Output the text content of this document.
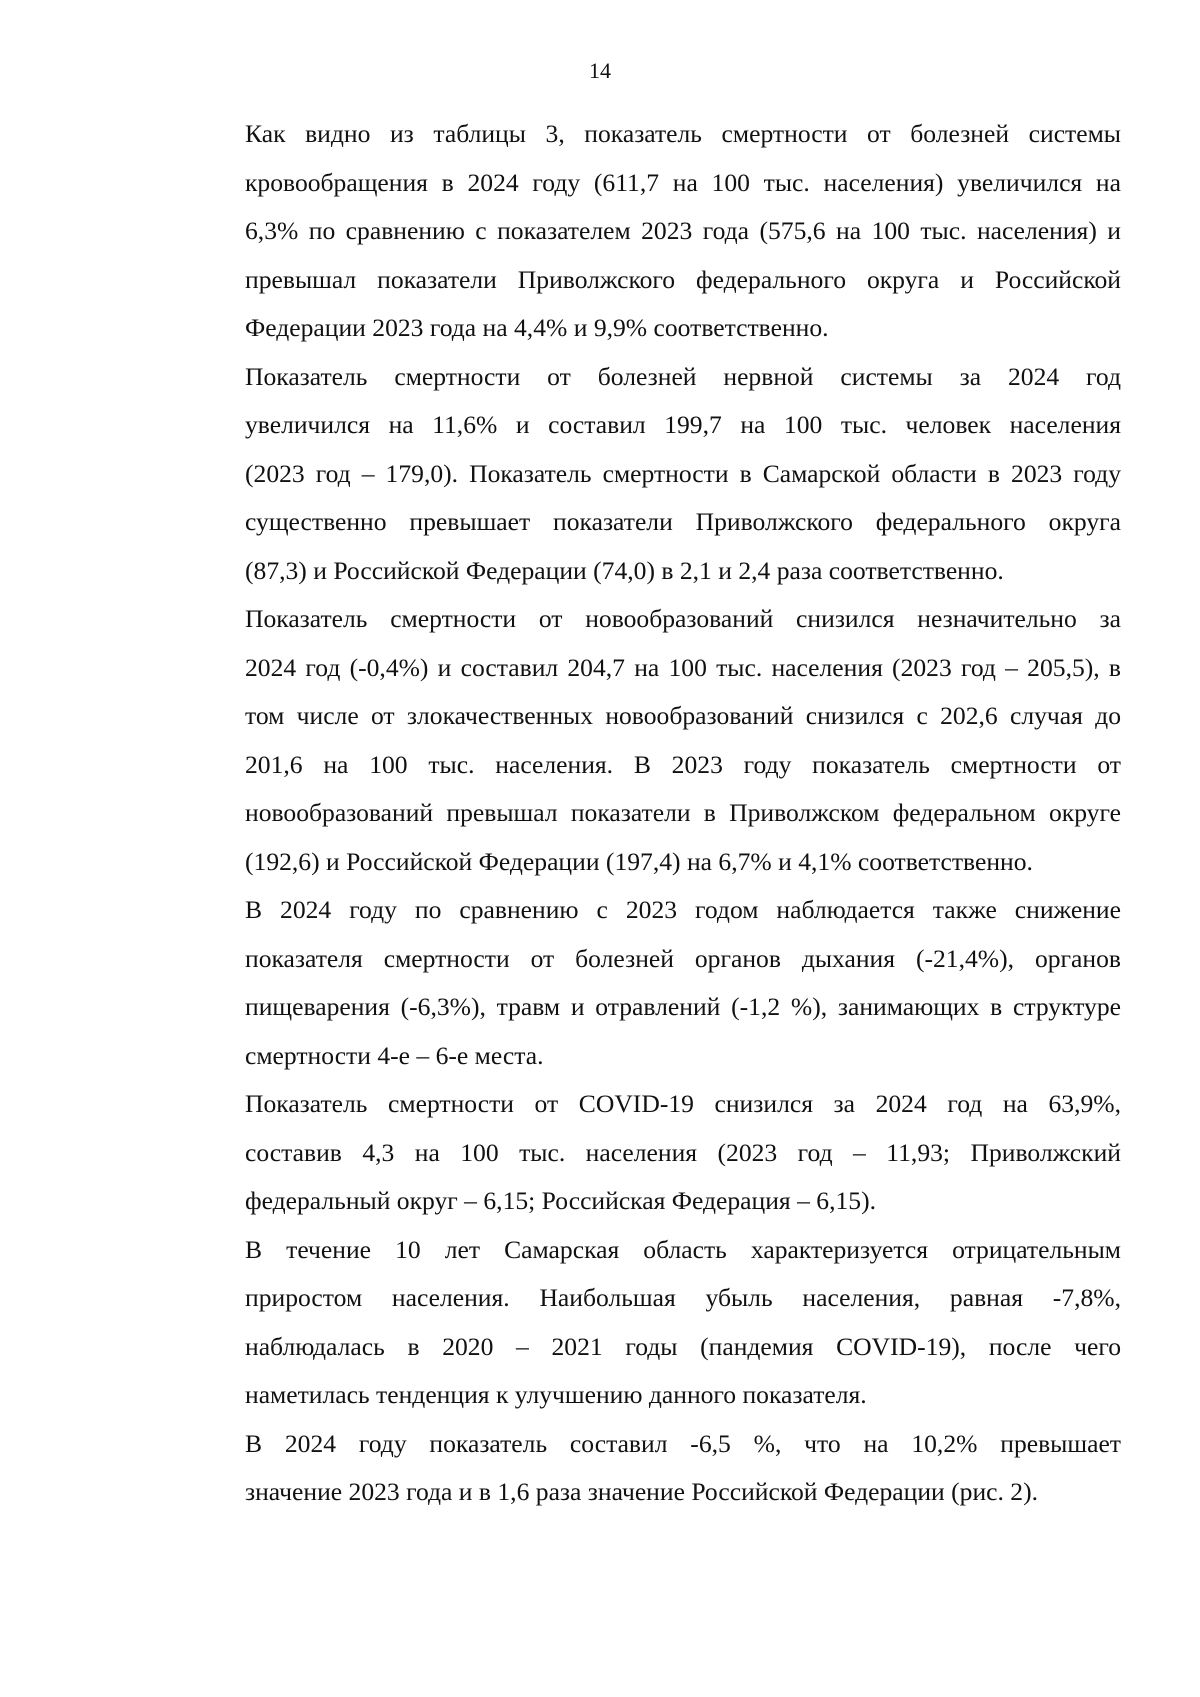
14

Как видно из таблицы 3, показатель смертности от болезней системы
кровообращения в 2024 году (611,7 на 100 тыс. населения) увеличился на
6,3% по сравнению с показателем 2023 года (575,6 на 100 тыс. населения) и
превышал показатели Приволжского федерального округа и Российской
Федерации 2023 года на 4,4% и 9,9% соответственно.

Показатель смертности от болезней нервной системы за 2024 год
увеличился на 11,6% и составил 199,7 на 100 тыс. человек населения
(2023 год – 179,0). Показатель смертности в Самарской области в 2023 году
существенно превышает показатели Приволжского федерального округа
(87,3) и Российской Федерации (74,0) в 2,1 и 2,4 раза соответственно.

Показатель смертности от новообразований снизился незначительно за
2024 год (-0,4%) и составил 204,7 на 100 тыс. населения (2023 год – 205,5), в
том числе от злокачественных новообразований снизился с 202,6 случая до
201,6 на 100 тыс. населения. В 2023 году показатель смертности от
новообразований превышал показатели в Приволжском федеральном округе
(192,6) и Российской Федерации (197,4) на 6,7% и 4,1% соответственно.

В 2024 году по сравнению с 2023 годом наблюдается также снижение
показателя смертности от болезней органов дыхания (-21,4%), органов
пищеварения (-6,3%), травм и отравлений (-1,2 %), занимающих в структуре
смертности 4-е – 6-е места.

Показатель смертности от COVID-19 снизился за 2024 год на 63,9%,
составив 4,3 на 100 тыс. населения (2023 год – 11,93; Приволжский
федеральный округ – 6,15; Российская Федерация – 6,15).

В течение 10 лет Самарская область характеризуется отрицательным
приростом населения. Наибольшая убыль населения, равная -7,8%,
наблюдалась в 2020 – 2021 годы (пандемия COVID-19), после чего
наметилась тенденция к улучшению данного показателя.

В 2024 году показатель составил -6,5 %, что на 10,2% превышает
значение 2023 года и в 1,6 раза значение Российской Федерации (рис. 2).
